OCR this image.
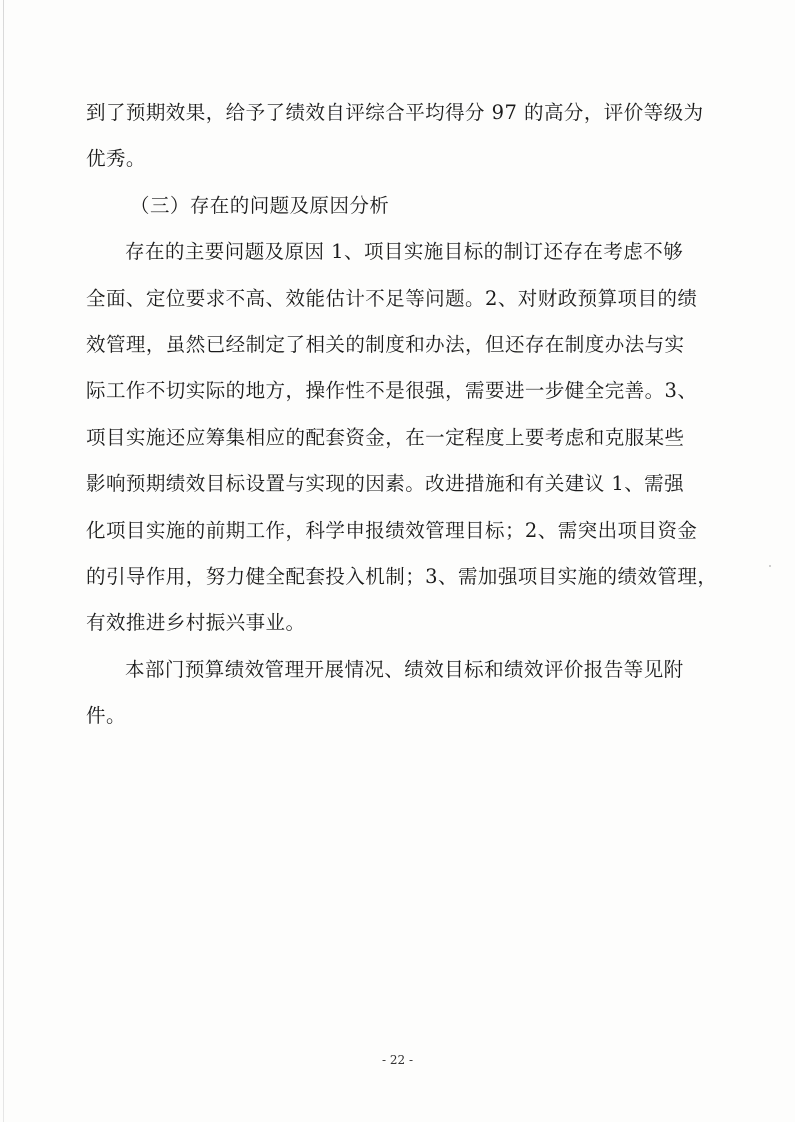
到了预期效果，给予了绩效自评综合平均得分 97 的高分，评价等级为
优秀。
（三）存在的问题及原因分析
存在的主要问题及原因 1、项目实施目标的制订还存在考虑不够
全面、定位要求不高、效能估计不足等问题。2、对财政预算项目的绩
效管理，虽然已经制定了相关的制度和办法，但还存在制度办法与实
际工作不切实际的地方，操作性不是很强，需要进一步健全完善。3、
项目实施还应筹集相应的配套资金，在一定程度上要考虑和克服某些
影响预期绩效目标设置与实现的因素。改进措施和有关建议 1、需强
化项目实施的前期工作，科学申报绩效管理目标；2、需突出项目资金
的引导作用，努力健全配套投入机制；3、需加强项目实施的绩效管理，
有效推进乡村振兴事业。
本部门预算绩效管理开展情况、绩效目标和绩效评价报告等见附
件。
- 22 -
